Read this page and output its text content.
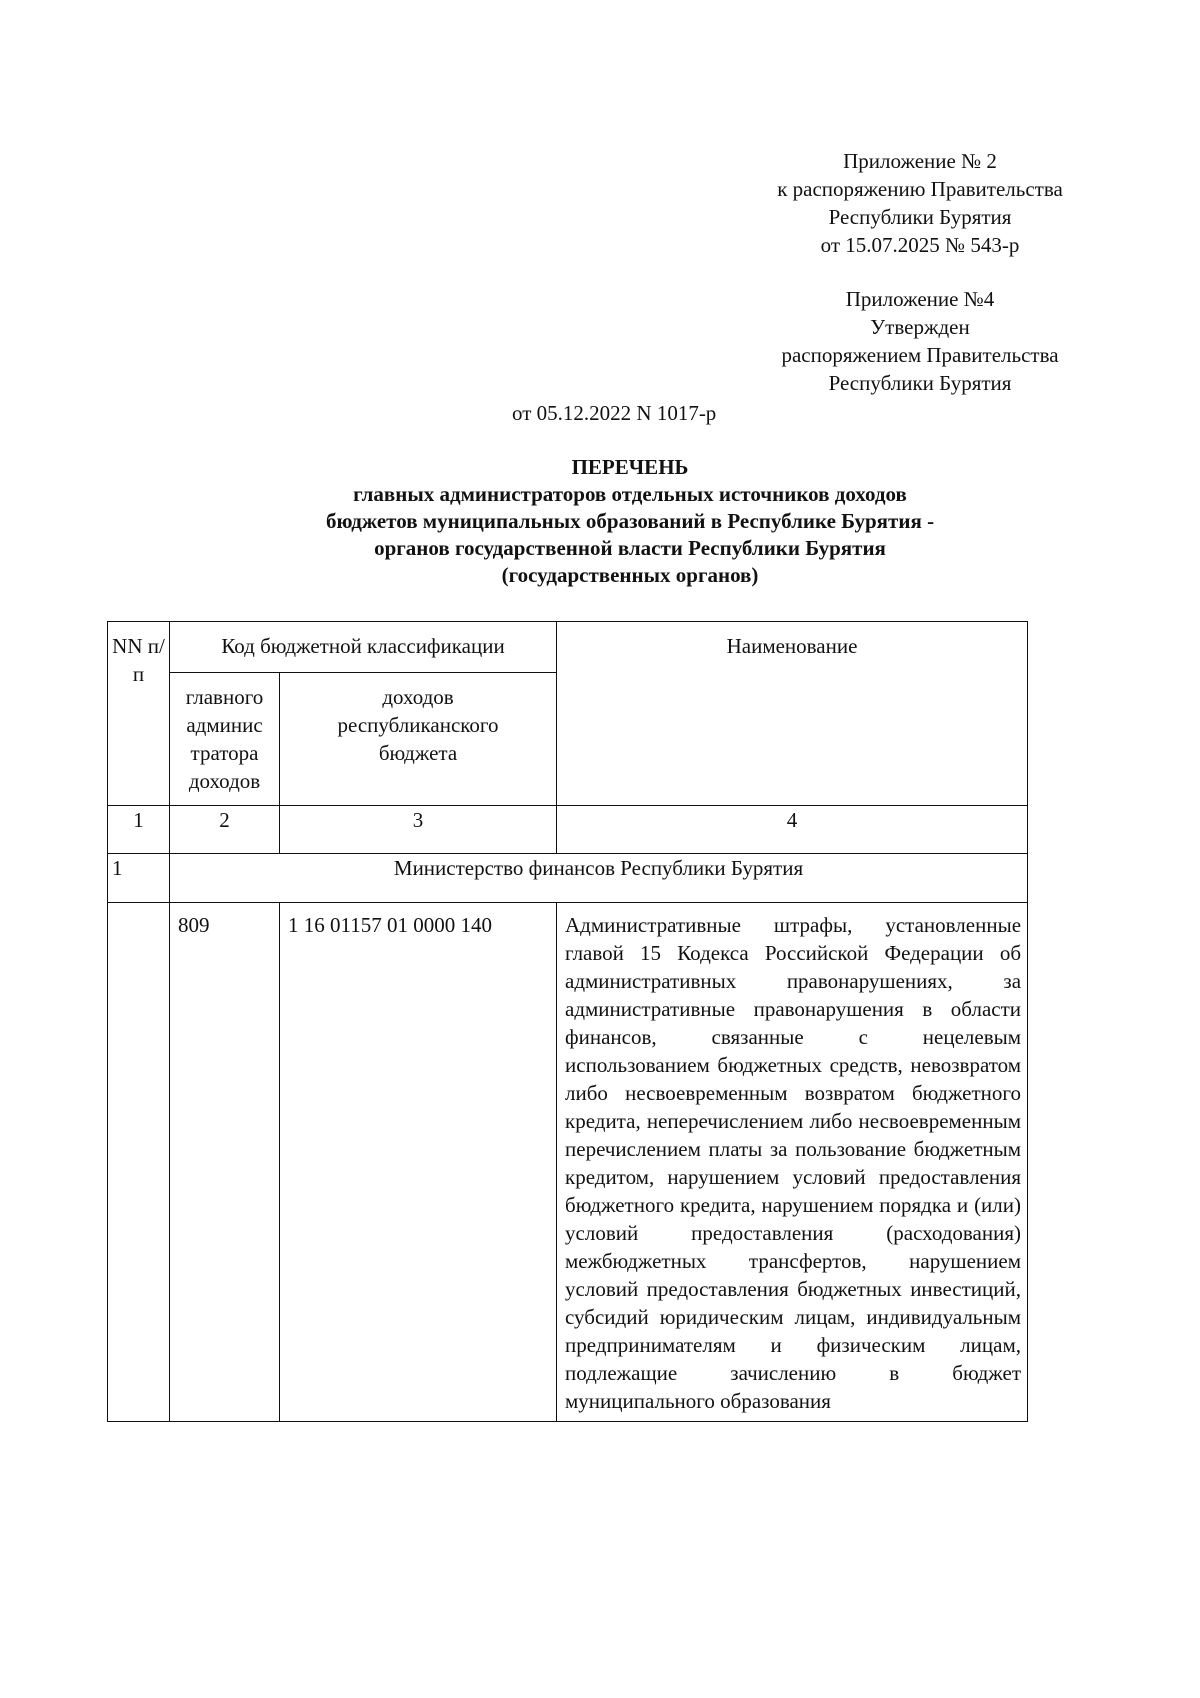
Приложение № 2
к распоряжению Правительства
Республики Бурятия
от 15.07.2025 № 543-р
Приложение №4
Утвержден
распоряжением Правительства
Республики Бурятия
от 05.12.2022 N 1017-р
ПЕРЕЧЕНЬ
главных администраторов отдельных источников доходов
бюджетов муниципальных образований в Республике Бурятия -
органов государственной власти Республики Бурятия
(государственных органов)
NN п/п	Код бюджетной классификации		Наименование
	главного админис тратора доходов	доходов республиканского бюджета	
1	2	3	4
1	Министерство финансов Республики Бурятия		
	809	1 16 01157 01 0000 140	Административные штрафы, установленные главой 15 Кодекса Российской Федерации об административных правонарушениях, за административные правонарушения в области финансов, связанные с нецелевым использованием бюджетных средств, невозвратом либо несвоевременным возвратом бюджетного кредита, неперечислением либо несвоевременным перечислением платы за пользование бюджетным кредитом, нарушением условий предоставления бюджетного кредита, нарушением порядка и (или) условий предоставления (расходования) межбюджетных трансфертов, нарушением условий предоставления бюджетных инвестиций, субсидий юридическим лицам, индивидуальным предпринимателям и физическим лицам, подлежащие зачислению в бюджет муниципального образования
